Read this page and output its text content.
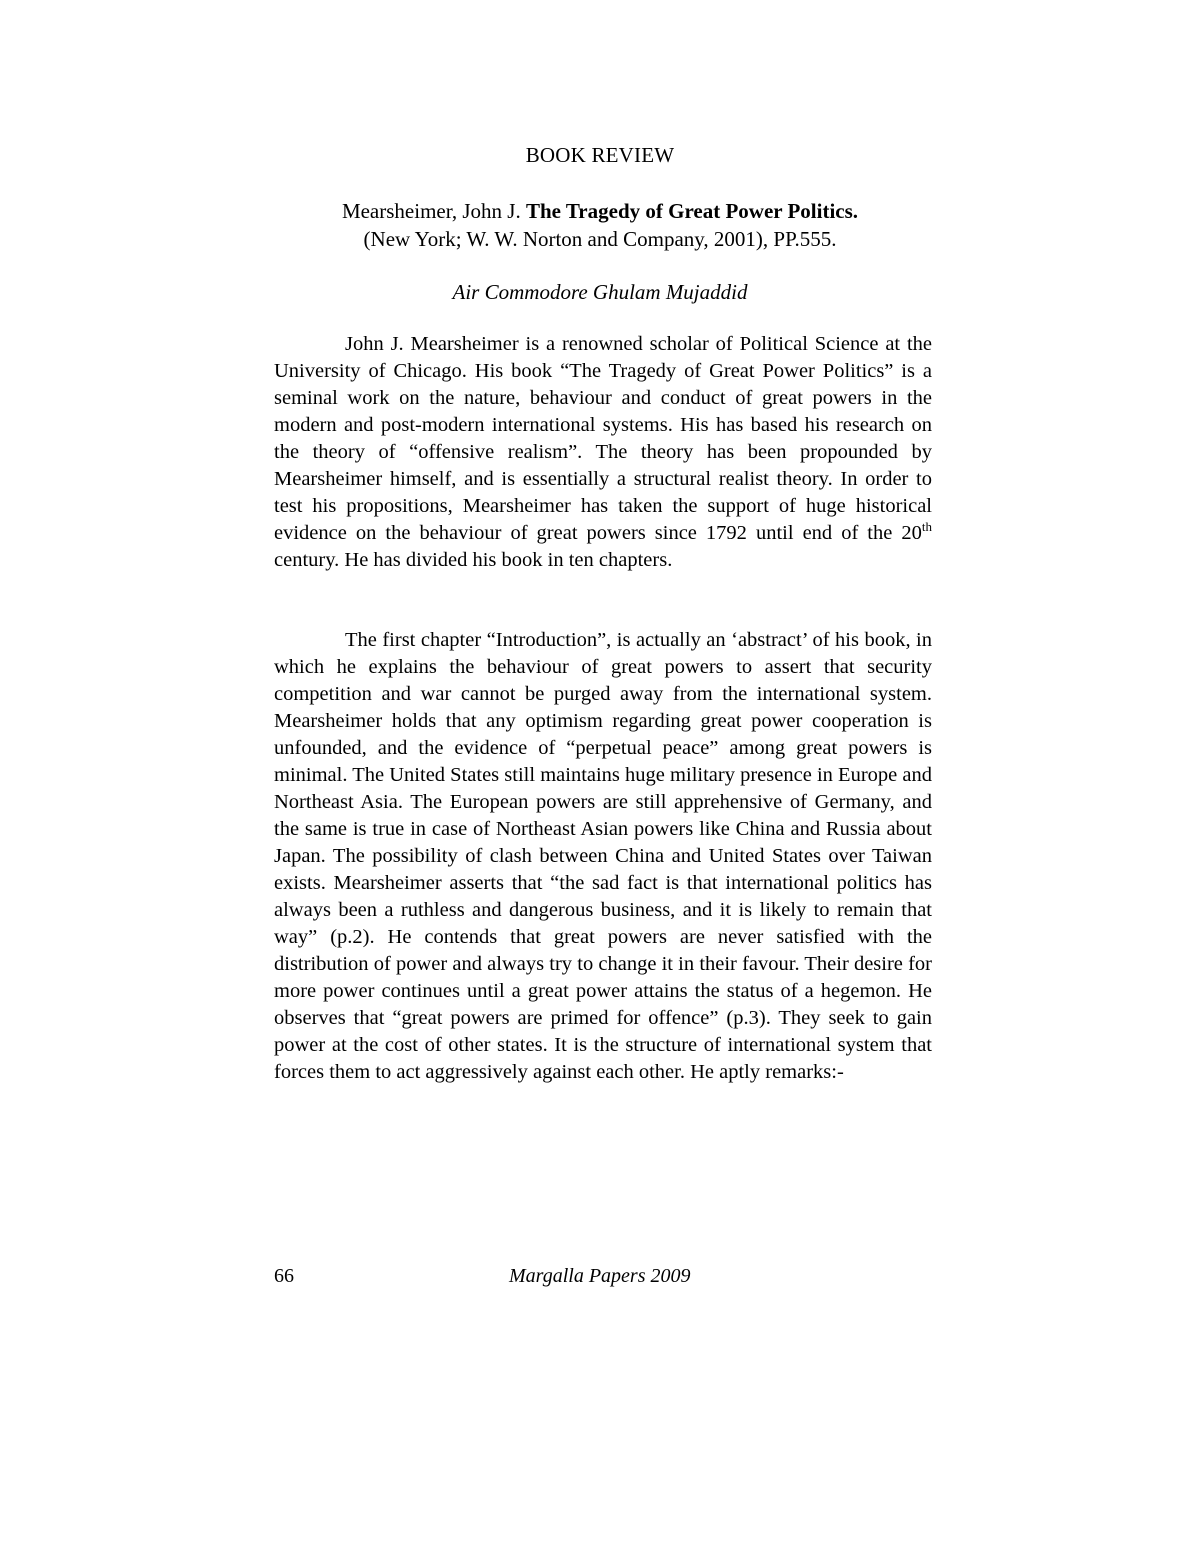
BOOK REVIEW
Mearsheimer, John J. The Tragedy of Great Power Politics.
(New York; W. W. Norton and Company, 2001), PP.555.
Air Commodore Ghulam Mujaddid

John J. Mearsheimer is a renowned scholar of Political Science at the University of Chicago. His book “The Tragedy of Great Power Politics” is a seminal work on the nature, behaviour and conduct of great powers in the modern and post-modern international systems. His has based his research on the theory of “offensive realism”. The theory has been propounded by Mearsheimer himself, and is essentially a structural realist theory. In order to test his propositions, Mearsheimer has taken the support of huge historical evidence on the behaviour of great powers since 1792 until end of the 20th century. He has divided his book in ten chapters.

The first chapter “Introduction”, is actually an ‘abstract’ of his book, in which he explains the behaviour of great powers to assert that security competition and war cannot be purged away from the international system. Mearsheimer holds that any optimism regarding great power cooperation is unfounded, and the evidence of “perpetual peace” among great powers is minimal. The United States still maintains huge military presence in Europe and Northeast Asia. The European powers are still apprehensive of Germany, and the same is true in case of Northeast Asian powers like China and Russia about Japan. The possibility of clash between China and United States over Taiwan exists. Mearsheimer asserts that “the sad fact is that international politics has always been a ruthless and dangerous business, and it is likely to remain that way” (p.2). He contends that great powers are never satisfied with the distribution of power and always try to change it in their favour. Their desire for more power continues until a great power attains the status of a hegemon. He observes that “great powers are primed for offence” (p.3). They seek to gain power at the cost of other states. It is the structure of international system that forces them to act aggressively against each other. He aptly remarks:-

66	Margalla Papers 2009
